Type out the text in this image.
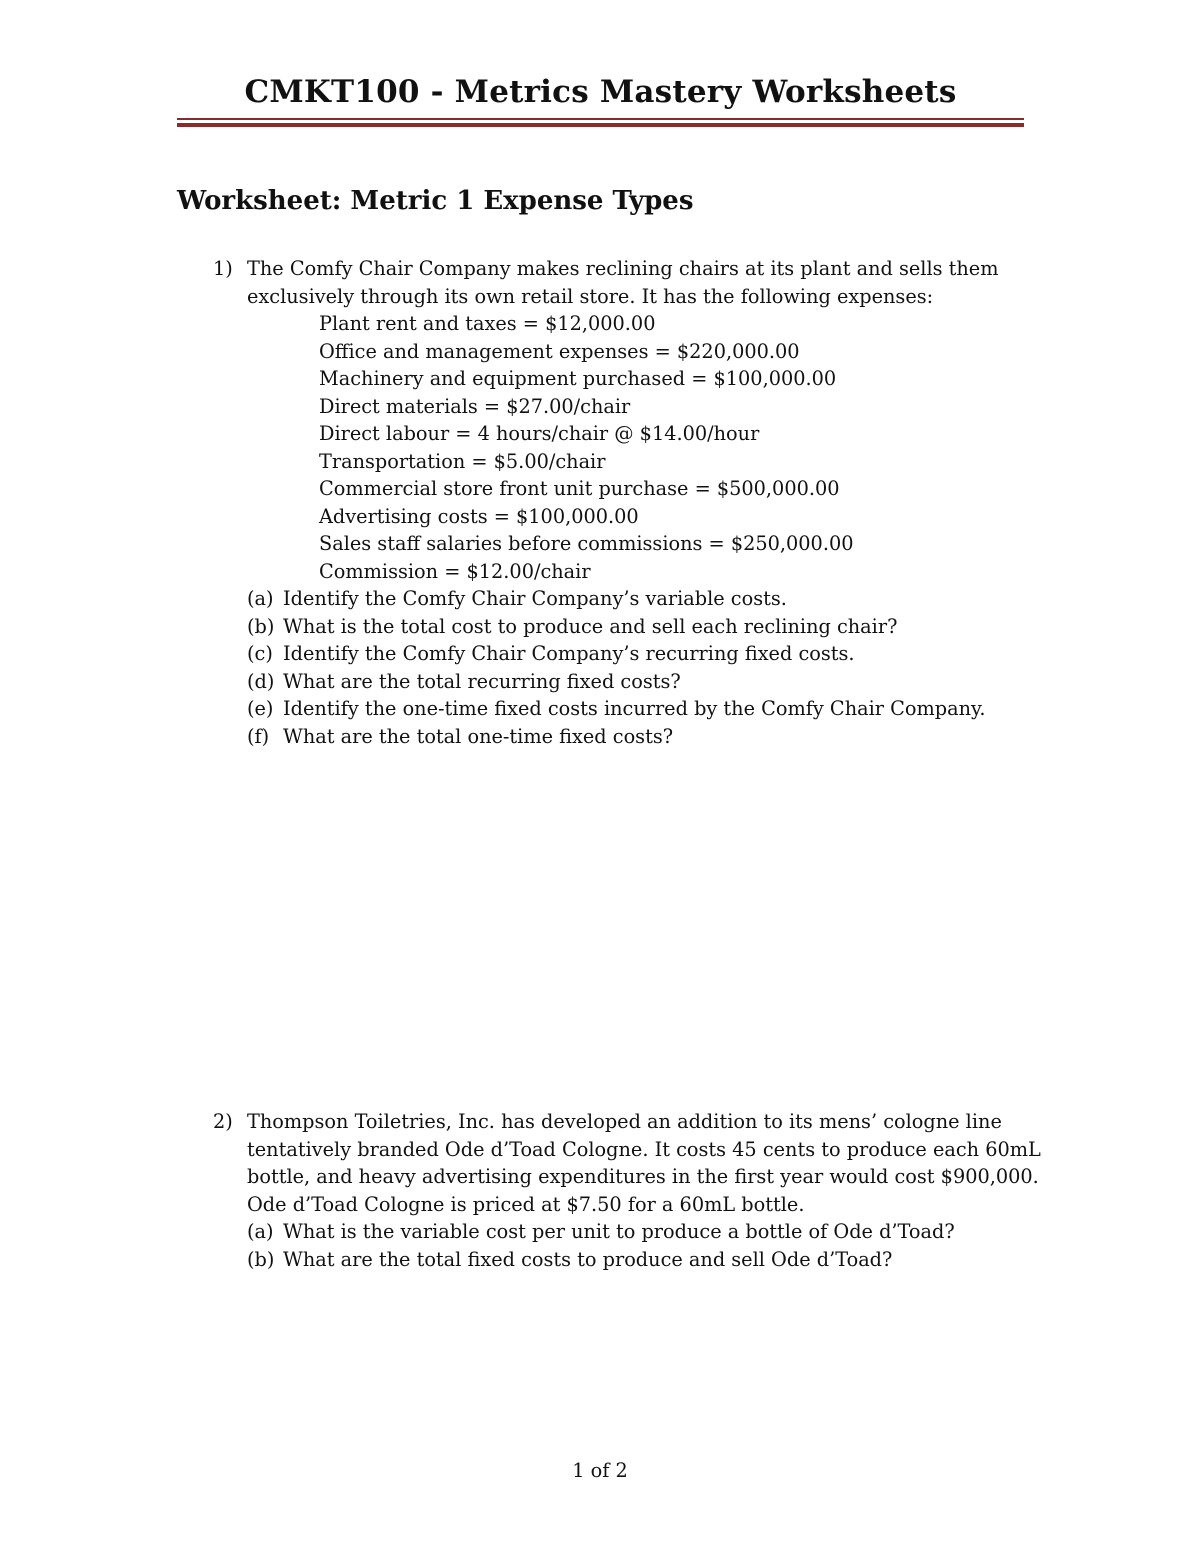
CMKT100 - Metrics Mastery Worksheets
Worksheet: Metric 1 Expense Types
1) The Comfy Chair Company makes reclining chairs at its plant and sells them exclusively through its own retail store. It has the following expenses:
Plant rent and taxes = $12,000.00
Office and management expenses = $220,000.00
Machinery and equipment purchased = $100,000.00
Direct materials = $27.00/chair
Direct labour = 4 hours/chair @ $14.00/hour
Transportation = $5.00/chair
Commercial store front unit purchase = $500,000.00
Advertising costs = $100,000.00
Sales staff salaries before commissions = $250,000.00
Commission = $12.00/chair
(a) Identify the Comfy Chair Company’s variable costs.
(b) What is the total cost to produce and sell each reclining chair?
(c) Identify the Comfy Chair Company’s recurring fixed costs.
(d) What are the total recurring fixed costs?
(e) Identify the one-time fixed costs incurred by the Comfy Chair Company.
(f) What are the total one-time fixed costs?
2) Thompson Toiletries, Inc. has developed an addition to its mens’ cologne line tentatively branded Ode d’Toad Cologne. It costs 45 cents to produce each 60mL bottle, and heavy advertising expenditures in the first year would cost $900,000. Ode d’Toad Cologne is priced at $7.50 for a 60mL bottle.
(a) What is the variable cost per unit to produce a bottle of Ode d’Toad?
(b) What are the total fixed costs to produce and sell Ode d’Toad?
1 of 2
